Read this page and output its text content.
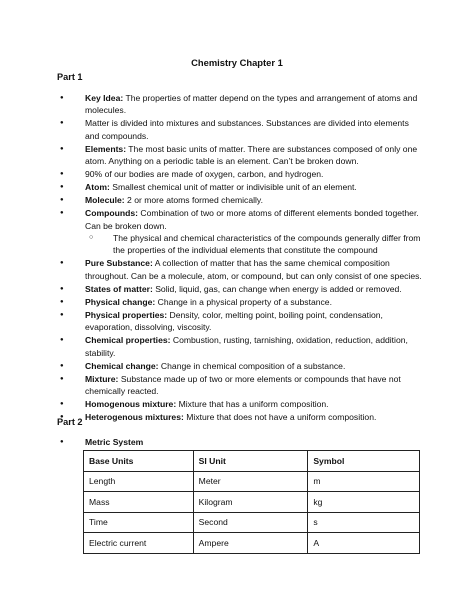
Chemistry Chapter 1

Part 1

● Key Idea: The properties of matter depend on the types and arrangement of atoms and molecules.
● Matter is divided into mixtures and substances. Substances are divided into elements and compounds.
● Elements: The most basic units of matter. There are substances composed of only one atom. Anything on a periodic table is an element. Can’t be broken down.
● 90% of our bodies are made of oxygen, carbon, and hydrogen.
● Atom: Smallest chemical unit of matter or indivisible unit of an element.
● Molecule: 2 or more atoms formed chemically.
● Compounds: Combination of two or more atoms of different elements bonded together. Can be broken down.
○ The physical and chemical characteristics of the compounds generally differ from the properties of the individual elements that constitute the compound
● Pure Substance: A collection of matter that has the same chemical composition throughout. Can be a molecule, atom, or compound, but can only consist of one species.
● States of matter: Solid, liquid, gas, can change when energy is added or removed.
● Physical change: Change in a physical property of a substance.
● Physical properties: Density, color, melting point, boiling point, condensation, evaporation, dissolving, viscosity.
● Chemical properties: Combustion, rusting, tarnishing, oxidation, reduction, addition, stability.
● Chemical change: Change in chemical composition of a substance.
● Mixture: Substance made up of two or more elements or compounds that have not chemically reacted.
● Homogenous mixture: Mixture that has a uniform composition.
● Heterogenous mixtures: Mixture that does not have a uniform composition.

Part 2

● Metric System
Base Units	SI Unit	Symbol
Length	Meter	m
Mass	Kilogram	kg
Time	Second	s
Electric current	Ampere	A
